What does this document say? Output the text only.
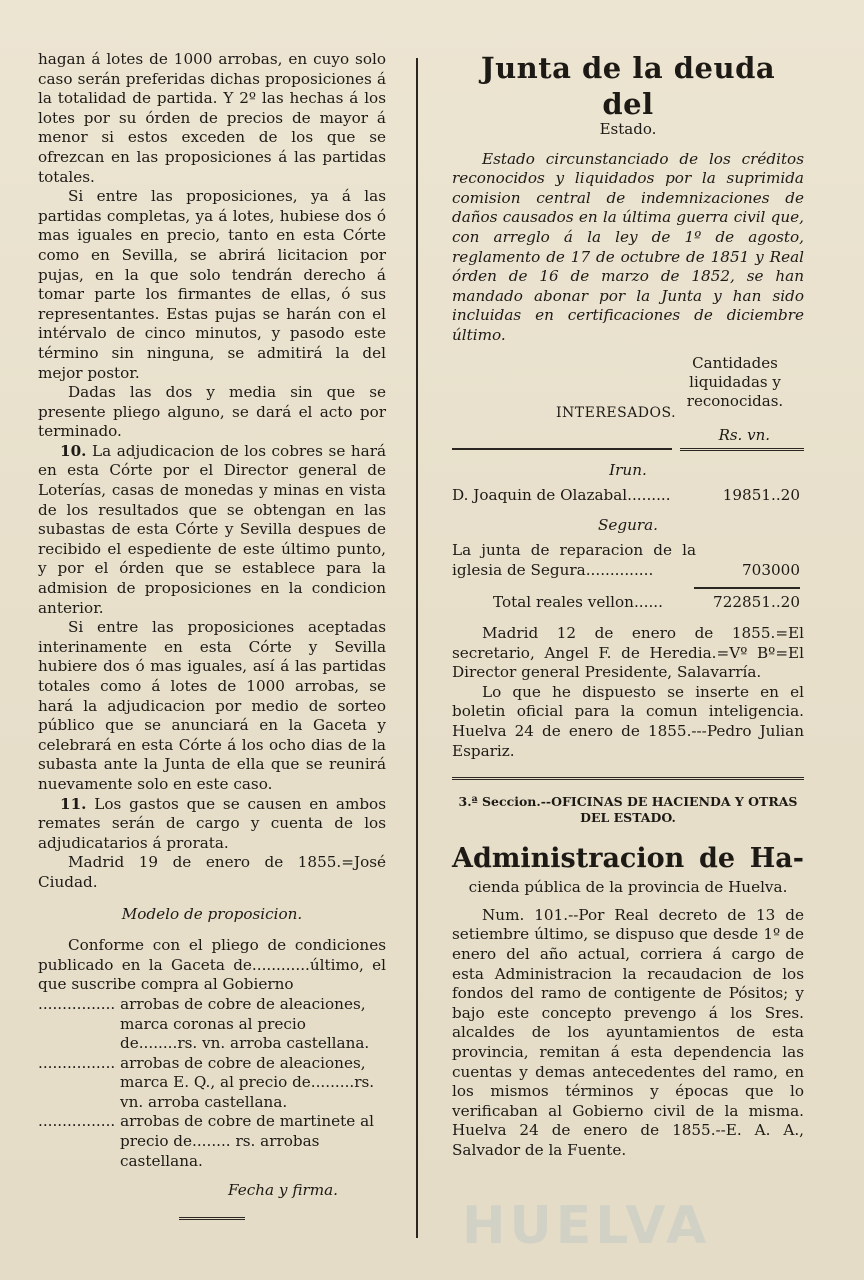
hagan á lotes de 1000 arrobas, en cuyo solo caso serán preferidas dichas proposiciones á la totalidad de partida. Y 2º las hechas á los lotes por su órden de precios de mayor á menor si estos exceden de los que se ofrezcan en las proposiciones á las partidas totales.

Si entre las proposiciones, ya á las partidas completas, ya á lotes, hubiese dos ó mas iguales en precio, tanto en esta Córte como en Sevilla, se abrirá licitacion por pujas, en la que solo tendrán derecho á tomar parte los firmantes de ellas, ó sus representantes. Estas pujas se harán con el intérvalo de cinco minutos, y pasodo este término sin ninguna, se admitirá la del mejor postor.

Dadas las dos y media sin que se presente pliego alguno, se dará el acto por terminado.

10. La adjudicacion de los cobres se hará en esta Córte por el Director general de Loterías, casas de monedas y minas en vista de los resultados que se obtengan en las subastas de esta Córte y Sevilla despues de recibido el espediente de este último punto, y por el órden que se establece para la admision de proposiciones en la condicion anterior.

Si entre las proposiciones aceptadas interinamente en esta Córte y Sevilla hubiere dos ó mas iguales, así á las partidas totales como á lotes de 1000 arrobas, se hará la adjudicacion por medio de sorteo público que se anunciará en la Gaceta y celebrará en esta Córte á los ocho dias de la subasta ante la Junta de ella que se reunirá nuevamente solo en este caso.

11. Los gastos que se causen en ambos remates serán de cargo y cuenta de los adjudicatarios á prorata.

Madrid 19 de enero de 1855.=José Ciudad.

Modelo de proposicion.

Conforme con el pliego de condiciones publicado en la Gaceta de............último, el que suscribe compra al Gobierno

................ arrobas de cobre de aleaciones, marca coronas al precio de........rs. vn. arroba castellana.

................ arrobas de cobre de aleaciones, marca E. Q., al precio de.........rs. vn. arroba castellana.

................ arrobas de cobre de martinete al precio de........ rs. arrobas castellana.

Fecha y firma.

Junta de la deuda del
Estado.

Estado circunstanciado de los créditos reconocidos y liquidados por la suprimida comision central de indemnizaciones de daños causados en la última guerra civil que, con arreglo á la ley de 1º de agosto, reglamento de 17 de octubre de 1851 y Real órden de 16 de marzo de 1852, se han mandado abonar por la Junta y han sido incluidas en certificaciones de diciembre último.

Cantidades liquidadas y reconocidas.
INTERESADOS.
Rs. vn.
Irun.
D. Joaquin de Olazabal.........	19851..20
Segura.
La junta de reparacion de la iglesia de Segura..............	703000
Total reales vellon......	722851..20

Madrid 12 de enero de 1855.=El secretario, Angel F. de Heredia.=Vº Bº=El Director general Presidente, Salavarría.

Lo que he dispuesto se inserte en el boletin oficial para la comun inteligencia. Huelva 24 de enero de 1855.---Pedro Julian Espariz.

3.ª Seccion.--OFICINAS DE HACIENDA Y OTRAS DEL ESTADO.
Administracion de Ha-
cienda pública de la provincia de Huelva.

Num. 101.--Por Real decreto de 13 de setiembre último, se dispuso que desde 1º de enero del año actual, corriera á cargo de esta Administracion la recaudacion de los fondos del ramo de contigente de Pósitos; y bajo este concepto prevengo á los Sres. alcaldes de los ayuntamientos de esta provincia, remitan á esta dependencia las cuentas y demas antecedentes del ramo, en los mismos términos y épocas que lo verificaban al Gobierno civil de la misma. Huelva 24 de enero de 1855.--E. A. A., Salvador de la Fuente.

HUELVA
